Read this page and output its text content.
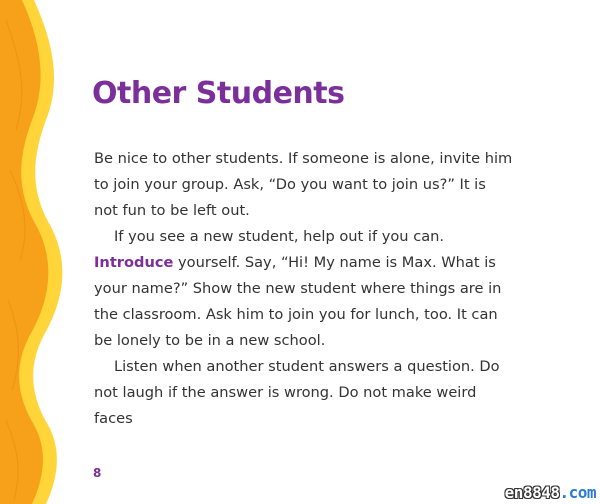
Other Students

Be nice to other students. If someone is alone, invite him to join your group. Ask, “Do you want to join us?” It is not fun to be left out.

If you see a new student, help out if you can. Introduce yourself. Say, “Hi! My name is Max. What is your name?” Show the new student where things are in the classroom. Ask him to join you for lunch, too. It can be lonely to be in a new school.

Listen when another student answers a question. Do not laugh if the answer is wrong. Do not make weird faces

8
en8848.com
